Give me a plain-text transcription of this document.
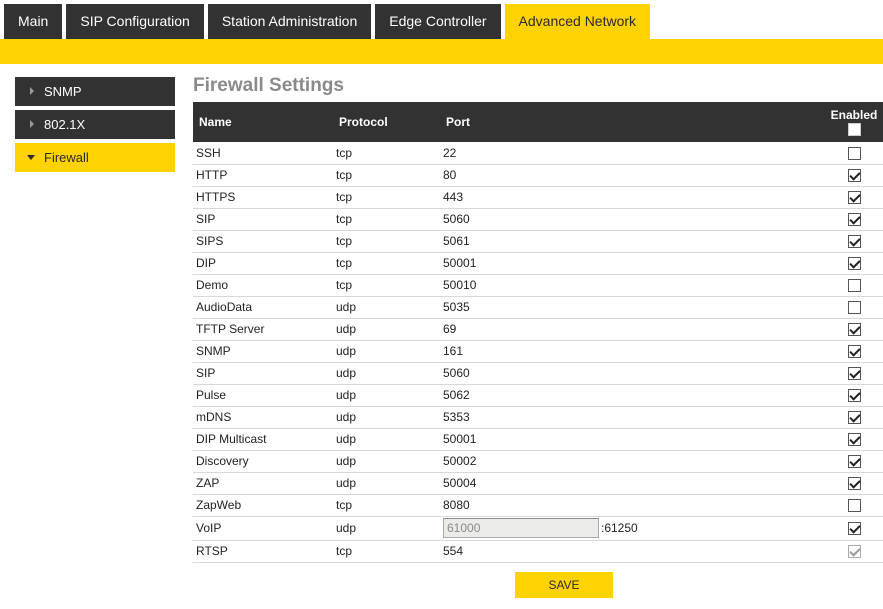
Main	SIP Configuration	Station Administration	Edge Controller	Advanced Network
SNMP
802.1X
Firewall
Firewall Settings
Name	Protocol	Port	Enabled

SSH	tcp	22	
HTTP	tcp	80	
HTTPS	tcp	443	
SIP	tcp	5060	
SIPS	tcp	5061	
DIP	tcp	50001	
Demo	tcp	50010	
AudioData	udp	5035	
TFTP Server	udp	69	
SNMP	udp	161	
SIP	udp	5060	
Pulse	udp	5062	
mDNS	udp	5353	
DIP Multicast	udp	50001	
Discovery	udp	50002	
ZAP	udp	50004	
ZapWeb	tcp	8080	
VoIP	udp	61000 :61250	
RTSP	tcp	554	
SAVE
